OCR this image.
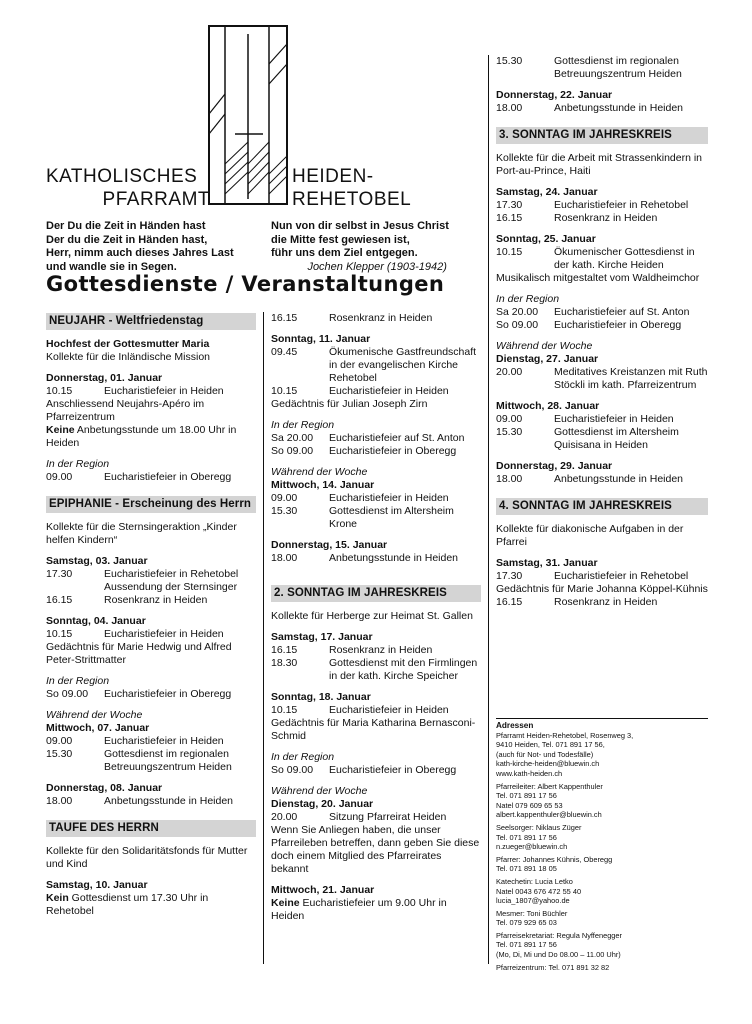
KATHOLISCHES
PFARRAMT
HEIDEN-
REHETOBEL
Der Du die Zeit in Händen hast
Der du die Zeit in Händen hast,
Herr, nimm auch dieses Jahres Last
und wandle sie in Segen.
Nun von dir selbst in Jesus Christ
die Mitte fest gewiesen ist,
führ uns dem Ziel entgegen.
Jochen Klepper (1903-1942)
Gottesdienste / Veranstaltungen
NEUJAHR - Weltfriedenstag
Hochfest der Gottesmutter Maria
Kollekte für die Inländische Mission
Donnerstag, 01. Januar
10.15	Eucharistiefeier in Heiden
Anschliessend Neujahrs-Apéro im Pfarreizentrum
Keine Anbetungsstunde um 18.00 Uhr in Heiden
In der Region
09.00	Eucharistiefeier in Oberegg
EPIPHANIE - Erscheinung des Herrn
Kollekte für die Sternsingeraktion „Kinder helfen Kindern“
Samstag, 03. Januar
17.30	Eucharistiefeier in Rehetobel Aussendung der Sternsinger
16.15	Rosenkranz in Heiden
Sonntag, 04. Januar
10.15	Eucharistiefeier in Heiden
Gedächtnis für Marie Hedwig und Alfred Peter-Strittmatter
In der Region
So 09.00	Eucharistiefeier in Oberegg
Während der Woche
Mittwoch, 07. Januar
09.00	Eucharistiefeier in Heiden
15.30	Gottesdienst im regionalen Betreuungszentrum Heiden
Donnerstag, 08. Januar
18.00	Anbetungsstunde in Heiden
TAUFE DES HERRN
Kollekte für den Solidaritätsfonds für Mutter und Kind
Samstag, 10. Januar
Kein Gottesdienst um 17.30 Uhr in Rehetobel
16.15	Rosenkranz in Heiden
Sonntag, 11. Januar
09.45	Ökumenische Gastfreundschaft in der evangelischen Kirche Rehetobel
10.15	Eucharistiefeier in Heiden
Gedächtnis für Julian Joseph Zirn
In der Region
Sa 20.00	Eucharistiefeier auf St. Anton
So 09.00	Eucharistiefeier in Oberegg
Während der Woche
Mittwoch, 14. Januar
09.00	Eucharistiefeier in Heiden
15.30	Gottesdienst im Altersheim Krone
Donnerstag, 15. Januar
18.00	Anbetungsstunde in Heiden
2. SONNTAG IM JAHRESKREIS
Kollekte für Herberge zur Heimat St. Gallen
Samstag, 17. Januar
16.15	Rosenkranz in Heiden
18.30	Gottesdienst mit den Firmlingen in der kath. Kirche Speicher
Sonntag, 18. Januar
10.15	Eucharistiefeier in Heiden
Gedächtnis für Maria Katharina Bernasconi-Schmid
In der Region
So 09.00	Eucharistiefeier in Oberegg
Während der Woche
Dienstag, 20. Januar
20.00	Sitzung Pfarreirat Heiden
Wenn Sie Anliegen haben, die unser Pfarreileben betreffen, dann geben Sie diese doch einem Mitglied des Pfarreirates bekannt
Mittwoch, 21. Januar
Keine Eucharistiefeier um 9.00 Uhr in Heiden
15.30	Gottesdienst im regionalen Betreuungszentrum Heiden
Donnerstag, 22. Januar
18.00	Anbetungsstunde in Heiden
3. SONNTAG IM JAHRESKREIS
Kollekte für die Arbeit mit Strassenkindern in Port-au-Prince, Haiti
Samstag, 24. Januar
17.30	Eucharistiefeier in Rehetobel
16.15	Rosenkranz in Heiden
Sonntag, 25. Januar
10.15	Ökumenischer Gottesdienst in der kath. Kirche Heiden
Musikalisch mitgestaltet vom Waldheimchor
In der Region
Sa 20.00	Eucharistiefeier auf St. Anton
So 09.00	Eucharistiefeier in Oberegg
Während der Woche
Dienstag, 27. Januar
20.00	Meditatives Kreistanzen mit Ruth Stöckli im kath. Pfarreizentrum
Mittwoch, 28. Januar
09.00	Eucharistiefeier in Heiden
15.30	Gottesdienst im Altersheim Quisisana in Heiden
Donnerstag, 29. Januar
18.00	Anbetungsstunde in Heiden
4. SONNTAG IM JAHRESKREIS
Kollekte für diakonische Aufgaben in der Pfarrei
Samstag, 31. Januar
17.30	Eucharistiefeier in Rehetobel
Gedächtnis für Marie Johanna Köppel-Kühnis
16.15	Rosenkranz in Heiden
Adressen

Pfarramt Heiden-Rehetobel, Rosenweg 3,
9410 Heiden, Tel. 071 891 17 56,
(auch für Not- und Todesfälle)
kath-kirche-heiden@bluewin.ch
www.kath-heiden.ch

Pfarreileiter: Albert Kappenthuler
Tel. 071 891 17 56
Natel 079 609 65 53
albert.kappenthuler@bluewin.ch

Seelsorger: Niklaus Züger
Tel. 071 891 17 56
n.zueger@bluewin.ch

Pfarrer: Johannes Kühnis, Oberegg
Tel. 071 891 18 05

Katechetin: Lucia Letko
Natel 0043 676 472 55 40
lucia_1807@yahoo.de

Mesmer: Toni Büchler
Tel. 079 929 65 03

Pfarreisekretariat: Regula Nyffenegger
Tel. 071 891 17 56
(Mo, Di, Mi und Do 08.00 – 11.00 Uhr)

Pfarreizentrum: Tel. 071 891 32 82
